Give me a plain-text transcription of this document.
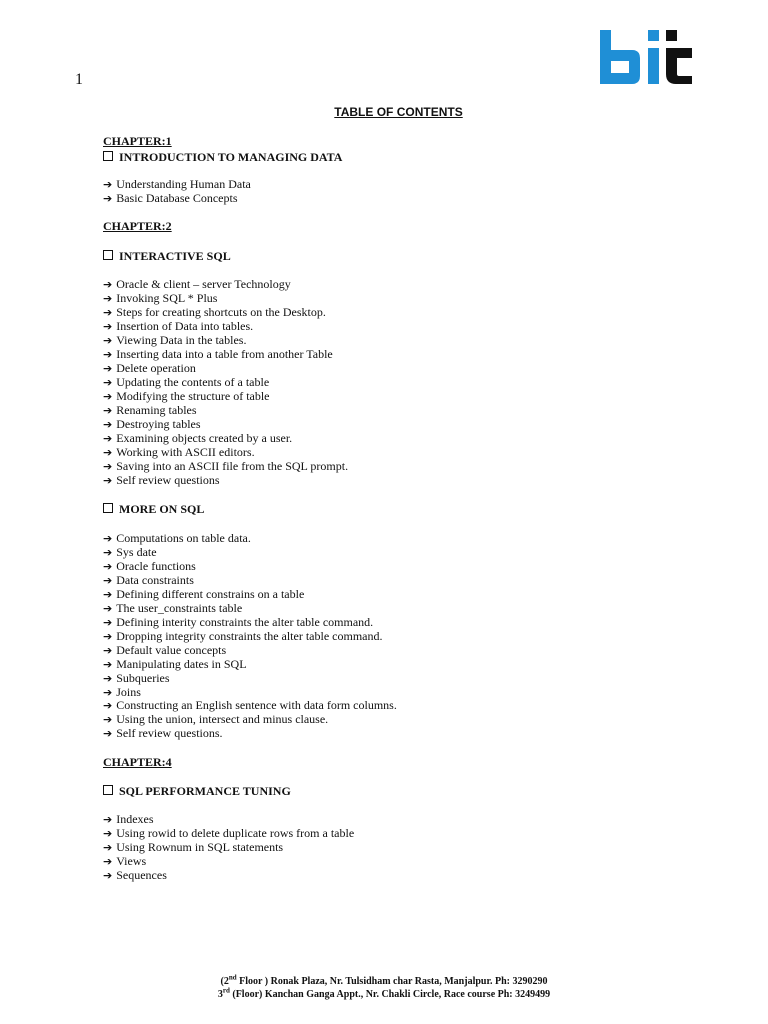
1
TABLE OF CONTENTS
CHAPTER:1
INTRODUCTION TO MANAGING DATA
➔ Understanding Human Data
➔ Basic Database Concepts
CHAPTER:2
INTERACTIVE SQL
➔ Oracle & client – server Technology
➔ Invoking SQL * Plus
➔ Steps for creating shortcuts on the Desktop.
➔ Insertion of Data into tables.
➔ Viewing Data in the tables.
➔ Inserting data into a table from another Table
➔ Delete operation
➔ Updating the contents of a table
➔ Modifying the structure of table
➔ Renaming tables
➔ Destroying tables
➔ Examining objects created by a user.
➔ Working with ASCII editors.
➔ Saving into an ASCII file from the SQL prompt.
➔ Self review questions
MORE ON SQL
➔ Computations on table data.
➔ Sys date
➔ Oracle functions
➔ Data constraints
➔ Defining different constrains on a table
➔ The user_constraints table
➔ Defining interity constraints the alter table command.
➔ Dropping integrity constraints the alter table command.
➔ Default value concepts
➔ Manipulating dates in SQL
➔ Subqueries
➔ Joins
➔ Constructing an English sentence with data form columns.
➔ Using the union, intersect and minus clause.
➔ Self review questions.
CHAPTER:4
SQL PERFORMANCE TUNING
➔ Indexes
➔ Using rowid to delete duplicate rows from a table
➔ Using Rownum in SQL statements
➔ Views
➔ Sequences
(2nd Floor ) Ronak Plaza, Nr. Tulsidham char Rasta, Manjalpur. Ph: 3290290
3rd (Floor) Kanchan Ganga Appt., Nr. Chakli Circle, Race course Ph: 3249499
